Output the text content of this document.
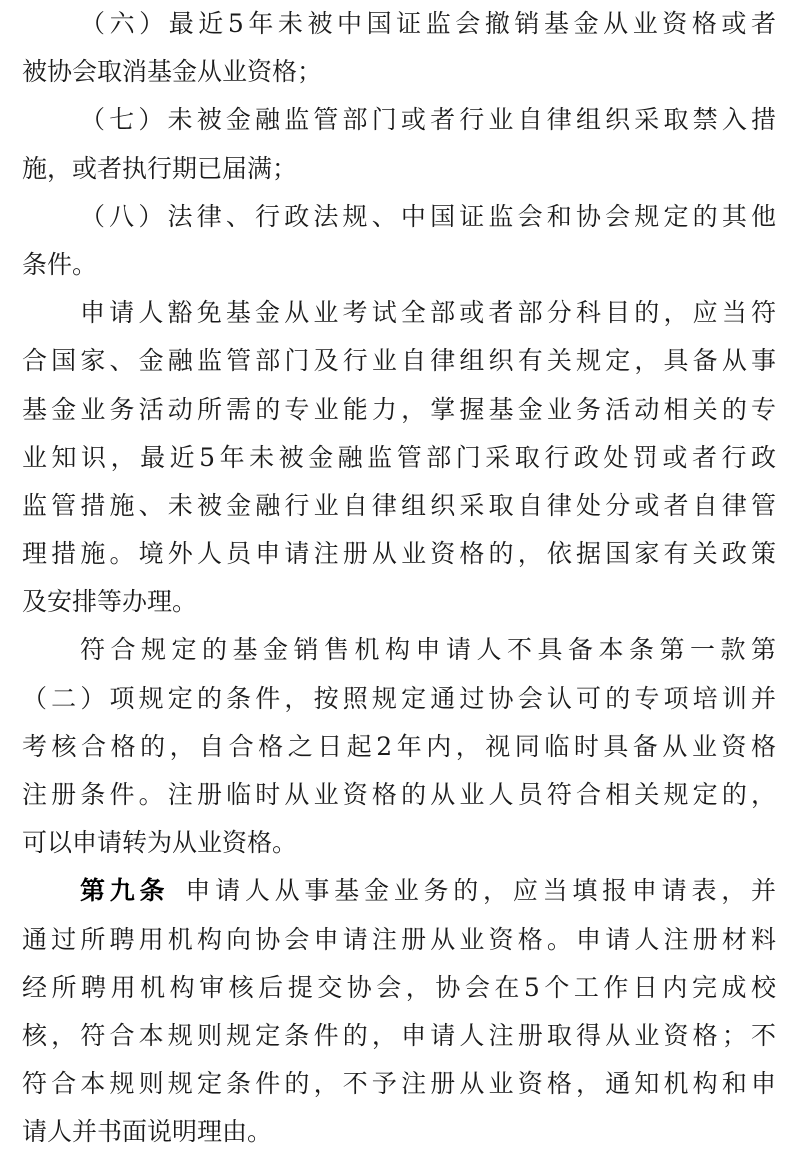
（六）最近5年未被中国证监会撤销基金从业资格或者
被协会取消基金从业资格；
（七）未被金融监管部门或者行业自律组织采取禁入措
施，或者执行期已届满；
（八）法律、行政法规、中国证监会和协会规定的其他
条件。
申请人豁免基金从业考试全部或者部分科目的，应当符
合国家、金融监管部门及行业自律组织有关规定，具备从事
基金业务活动所需的专业能力，掌握基金业务活动相关的专
业知识，最近5年未被金融监管部门采取行政处罚或者行政
监管措施、未被金融行业自律组织采取自律处分或者自律管
理措施。境外人员申请注册从业资格的，依据国家有关政策
及安排等办理。
符合规定的基金销售机构申请人不具备本条第一款第
（二）项规定的条件，按照规定通过协会认可的专项培训并
考核合格的，自合格之日起2年内，视同临时具备从业资格
注册条件。注册临时从业资格的从业人员符合相关规定的，
可以申请转为从业资格。
第九条 申请人从事基金业务的，应当填报申请表，并
通过所聘用机构向协会申请注册从业资格。申请人注册材料
经所聘用机构审核后提交协会，协会在5个工作日内完成校
核，符合本规则规定条件的，申请人注册取得从业资格；不
符合本规则规定条件的，不予注册从业资格，通知机构和申
请人并书面说明理由。
